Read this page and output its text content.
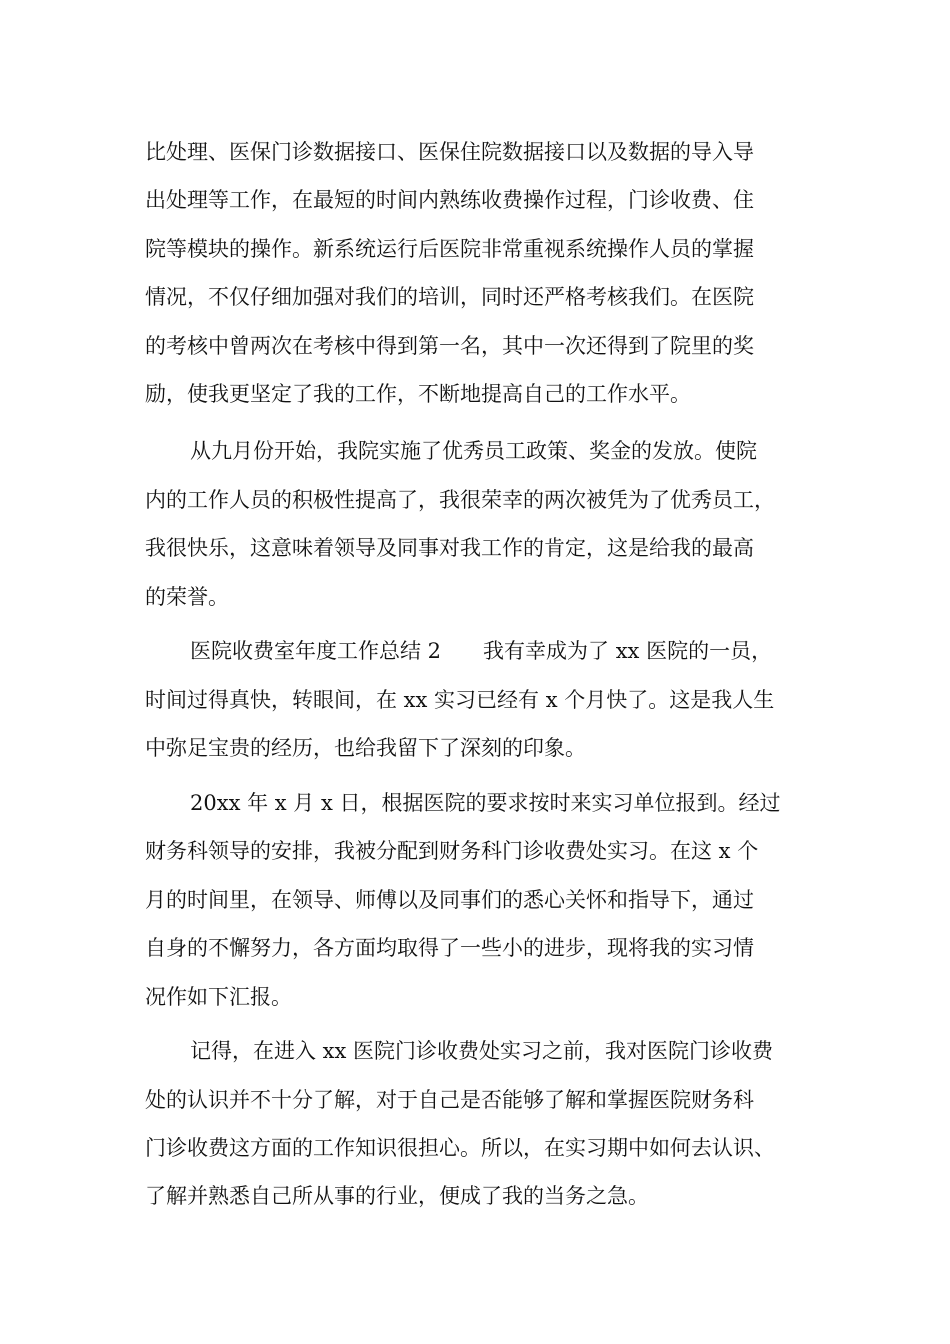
比处理、医保门诊数据接口、医保住院数据接口以及数据的导入导
出处理等工作，在最短的时间内熟练收费操作过程，门诊收费、住
院等模块的操作。新系统运行后医院非常重视系统操作人员的掌握
情况，不仅仔细加强对我们的培训，同时还严格考核我们。在医院
的考核中曾两次在考核中得到第一名，其中一次还得到了院里的奖
励，使我更坚定了我的工作，不断地提高自己的工作水平。
从九月份开始，我院实施了优秀员工政策、奖金的发放。使院
内的工作人员的积极性提高了，我很荣幸的两次被凭为了优秀员工，
我很快乐，这意味着领导及同事对我工作的肯定，这是给我的最高
的荣誉。
医院收费室年度工作总结 2　　我有幸成为了 xx 医院的一员，
时间过得真快，转眼间，在 xx 实习已经有 x 个月快了。这是我人生
中弥足宝贵的经历，也给我留下了深刻的印象。
20xx 年 x 月 x 日，根据医院的要求按时来实习单位报到。经过
财务科领导的安排，我被分配到财务科门诊收费处实习。在这 x 个
月的时间里，在领导、师傅以及同事们的悉心关怀和指导下，通过
自身的不懈努力，各方面均取得了一些小的进步，现将我的实习情
况作如下汇报。
记得，在进入 xx 医院门诊收费处实习之前，我对医院门诊收费
处的认识并不十分了解，对于自己是否能够了解和掌握医院财务科
门诊收费这方面的工作知识很担心。所以，在实习期中如何去认识、
了解并熟悉自己所从事的行业，便成了我的当务之急。
